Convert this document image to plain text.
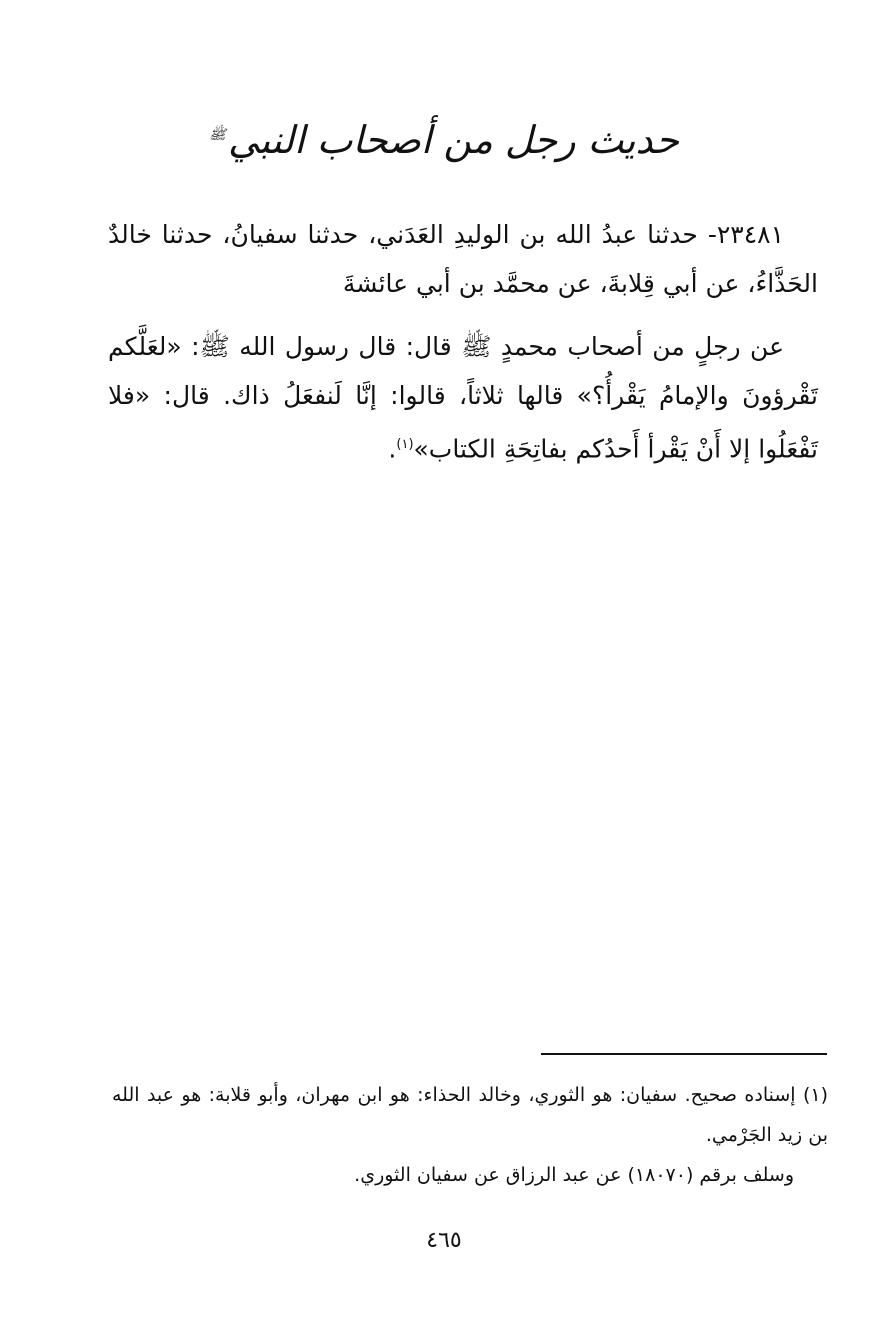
حديث رجل من أصحاب النبي$^ﷺ$
٢٣٤٨١- حدثنا عبدُ الله بن الوليدِ العَدَني، حدثنا سفيانُ، حدثنا خالدٌ الحَذَّاءُ، عن أبي قِلابةَ، عن محمَّد بن أبي عائشةَ
عن رجلٍ من أصحاب محمدٍ ﷺ قال: قال رسول الله ﷺ: «لعَلَّكم تَقْرؤونَ والإمامُ يَقْرأُ؟» قالها ثلاثاً، قالوا: إنَّا لَنفعَلُ ذاك. قال: «فلا تَفْعَلُوا إلا أَنْ يَقْرأ أَحدُكم بفاتِحَةِ الكتاب»$^{(١)}$.
(١) إسناده صحيح. سفيان: هو الثوري، وخالد الحذاء: هو ابن مهران، وأبو قلابة: هو عبد الله بن زيد الجَرْمي.
وسلف برقم (١٨٠٧٠) عن عبد الرزاق عن سفيان الثوري.
٤٦٥
